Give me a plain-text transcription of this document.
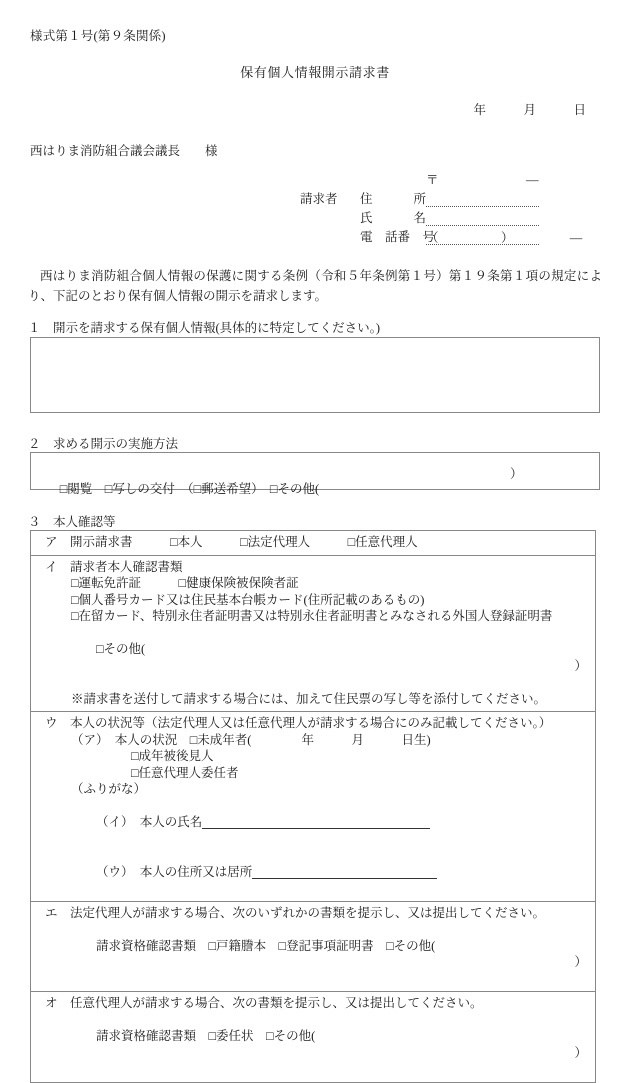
様式第１号(第９条関係)
保有個人情報開示請求書
年　　　月　　　日
西はりま消防組合議会議長　　様
〒　　　　　　　―
請求者	住	所
氏	名
電　話 番　号
（　　　　　）　　　　　―
西はりま消防組合個人情報の保護に関する条例（令和５年条例第１号）第１９条第１項の規定により、下記のとおり保有個人情報の開示を請求します。
１　開示を請求する保有個人情報(具体的に特定してください。)
２　求める開示の実施方法

□閲覧　□写しの交付　（□郵送希望）　□その他(

）

３　本人確認等
ア　開示請求書　　　□本人　　　□法定代理人　　　□任意代理人
イ　請求者本人確認書類
□運転免許証　　　□健康保険被保険者証
□個人番号カード又は住民基本台帳カード(住所記載のあるもの)
□在留カード、特別永住者証明書又は特別永住者証明書とみなされる外国人登録証明書

□その他(

）

※請求書を送付して請求する場合には、加えて住民票の写し等を添付してください。
ウ　本人の状況等（法定代理人又は任意代理人が請求する場合にのみ記載してください。）
（ア）　本人の状況　□未成年者(　　　　年　　　月　　　日生)
□成年被後見人
□任意代理人委任者
（ふりがな）

（イ）　本人の氏名

（ウ）　本人の住所又は居所

エ　法定代理人が請求する場合、次のいずれかの書類を提示し、又は提出してください。

請求資格確認書類　□戸籍謄本　□登記事項証明書　□その他(

）

オ　任意代理人が請求する場合、次の書類を提示し、又は提出してください。

請求資格確認書類　□委任状　□その他(

）
